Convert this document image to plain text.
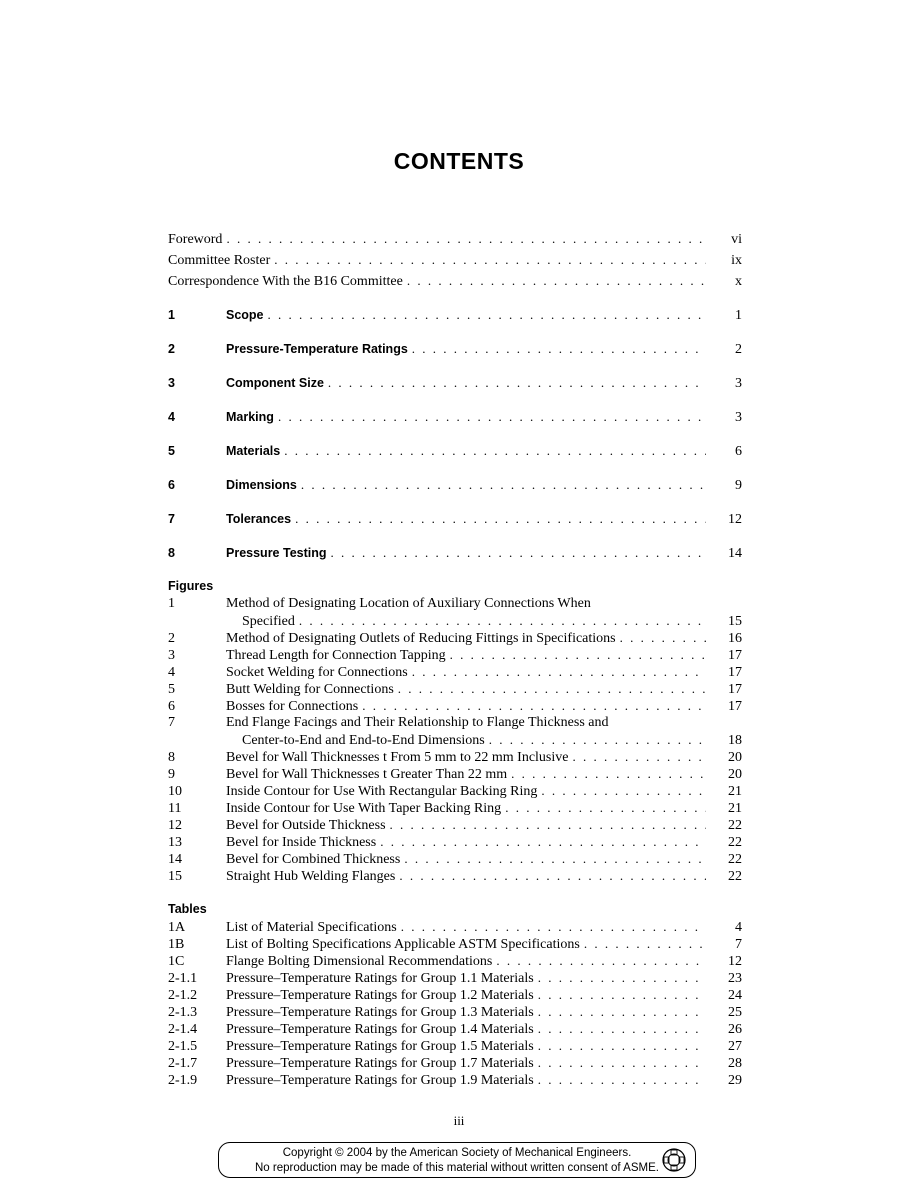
CONTENTS
Foreword . . .	vi
Committee Roster . . .	ix
Correspondence With the B16 Committee . . .	x
1	Scope . . .	1
2	Pressure-Temperature Ratings . . .	2
3	Component Size . . .	3
4	Marking . . .	3
5	Materials . . .	6
6	Dimensions . . .	9
7	Tolerances . . .	12
8	Pressure Testing . . .	14
Figures
1	Method of Designating Location of Auxiliary Connections When
Specified . . .	15
2	Method of Designating Outlets of Reducing Fittings in Specifications . . .	16
3	Thread Length for Connection Tapping . . .	17
4	Socket Welding for Connections . . .	17
5	Butt Welding for Connections . . .	17
6	Bosses for Connections . . .	17
7	End Flange Facings and Their Relationship to Flange Thickness and
Center-to-End and End-to-End Dimensions . . .	18
8	Bevel for Wall Thicknesses t From 5 mm to 22 mm Inclusive . . .	20
9	Bevel for Wall Thicknesses t Greater Than 22 mm . . .	20
10	Inside Contour for Use With Rectangular Backing Ring . . .	21
11	Inside Contour for Use With Taper Backing Ring . . .	21
12	Bevel for Outside Thickness . . .	22
13	Bevel for Inside Thickness . . .	22
14	Bevel for Combined Thickness . . .	22
15	Straight Hub Welding Flanges . . .	22
Tables
1A	List of Material Specifications . . .	4
1B	List of Bolting Specifications Applicable ASTM Specifications . . .	7
1C	Flange Bolting Dimensional Recommendations . . .	12
2-1.1	Pressure–Temperature Ratings for Group 1.1 Materials . . .	23
2-1.2	Pressure–Temperature Ratings for Group 1.2 Materials . . .	24
2-1.3	Pressure–Temperature Ratings for Group 1.3 Materials . . .	25
2-1.4	Pressure–Temperature Ratings for Group 1.4 Materials . . .	26
2-1.5	Pressure–Temperature Ratings for Group 1.5 Materials . . .	27
2-1.7	Pressure–Temperature Ratings for Group 1.7 Materials . . .	28
2-1.9	Pressure–Temperature Ratings for Group 1.9 Materials . . .	29
iii
Copyright © 2004 by the American Society of Mechanical Engineers.
No reproduction may be made of this material without written consent of ASME.
